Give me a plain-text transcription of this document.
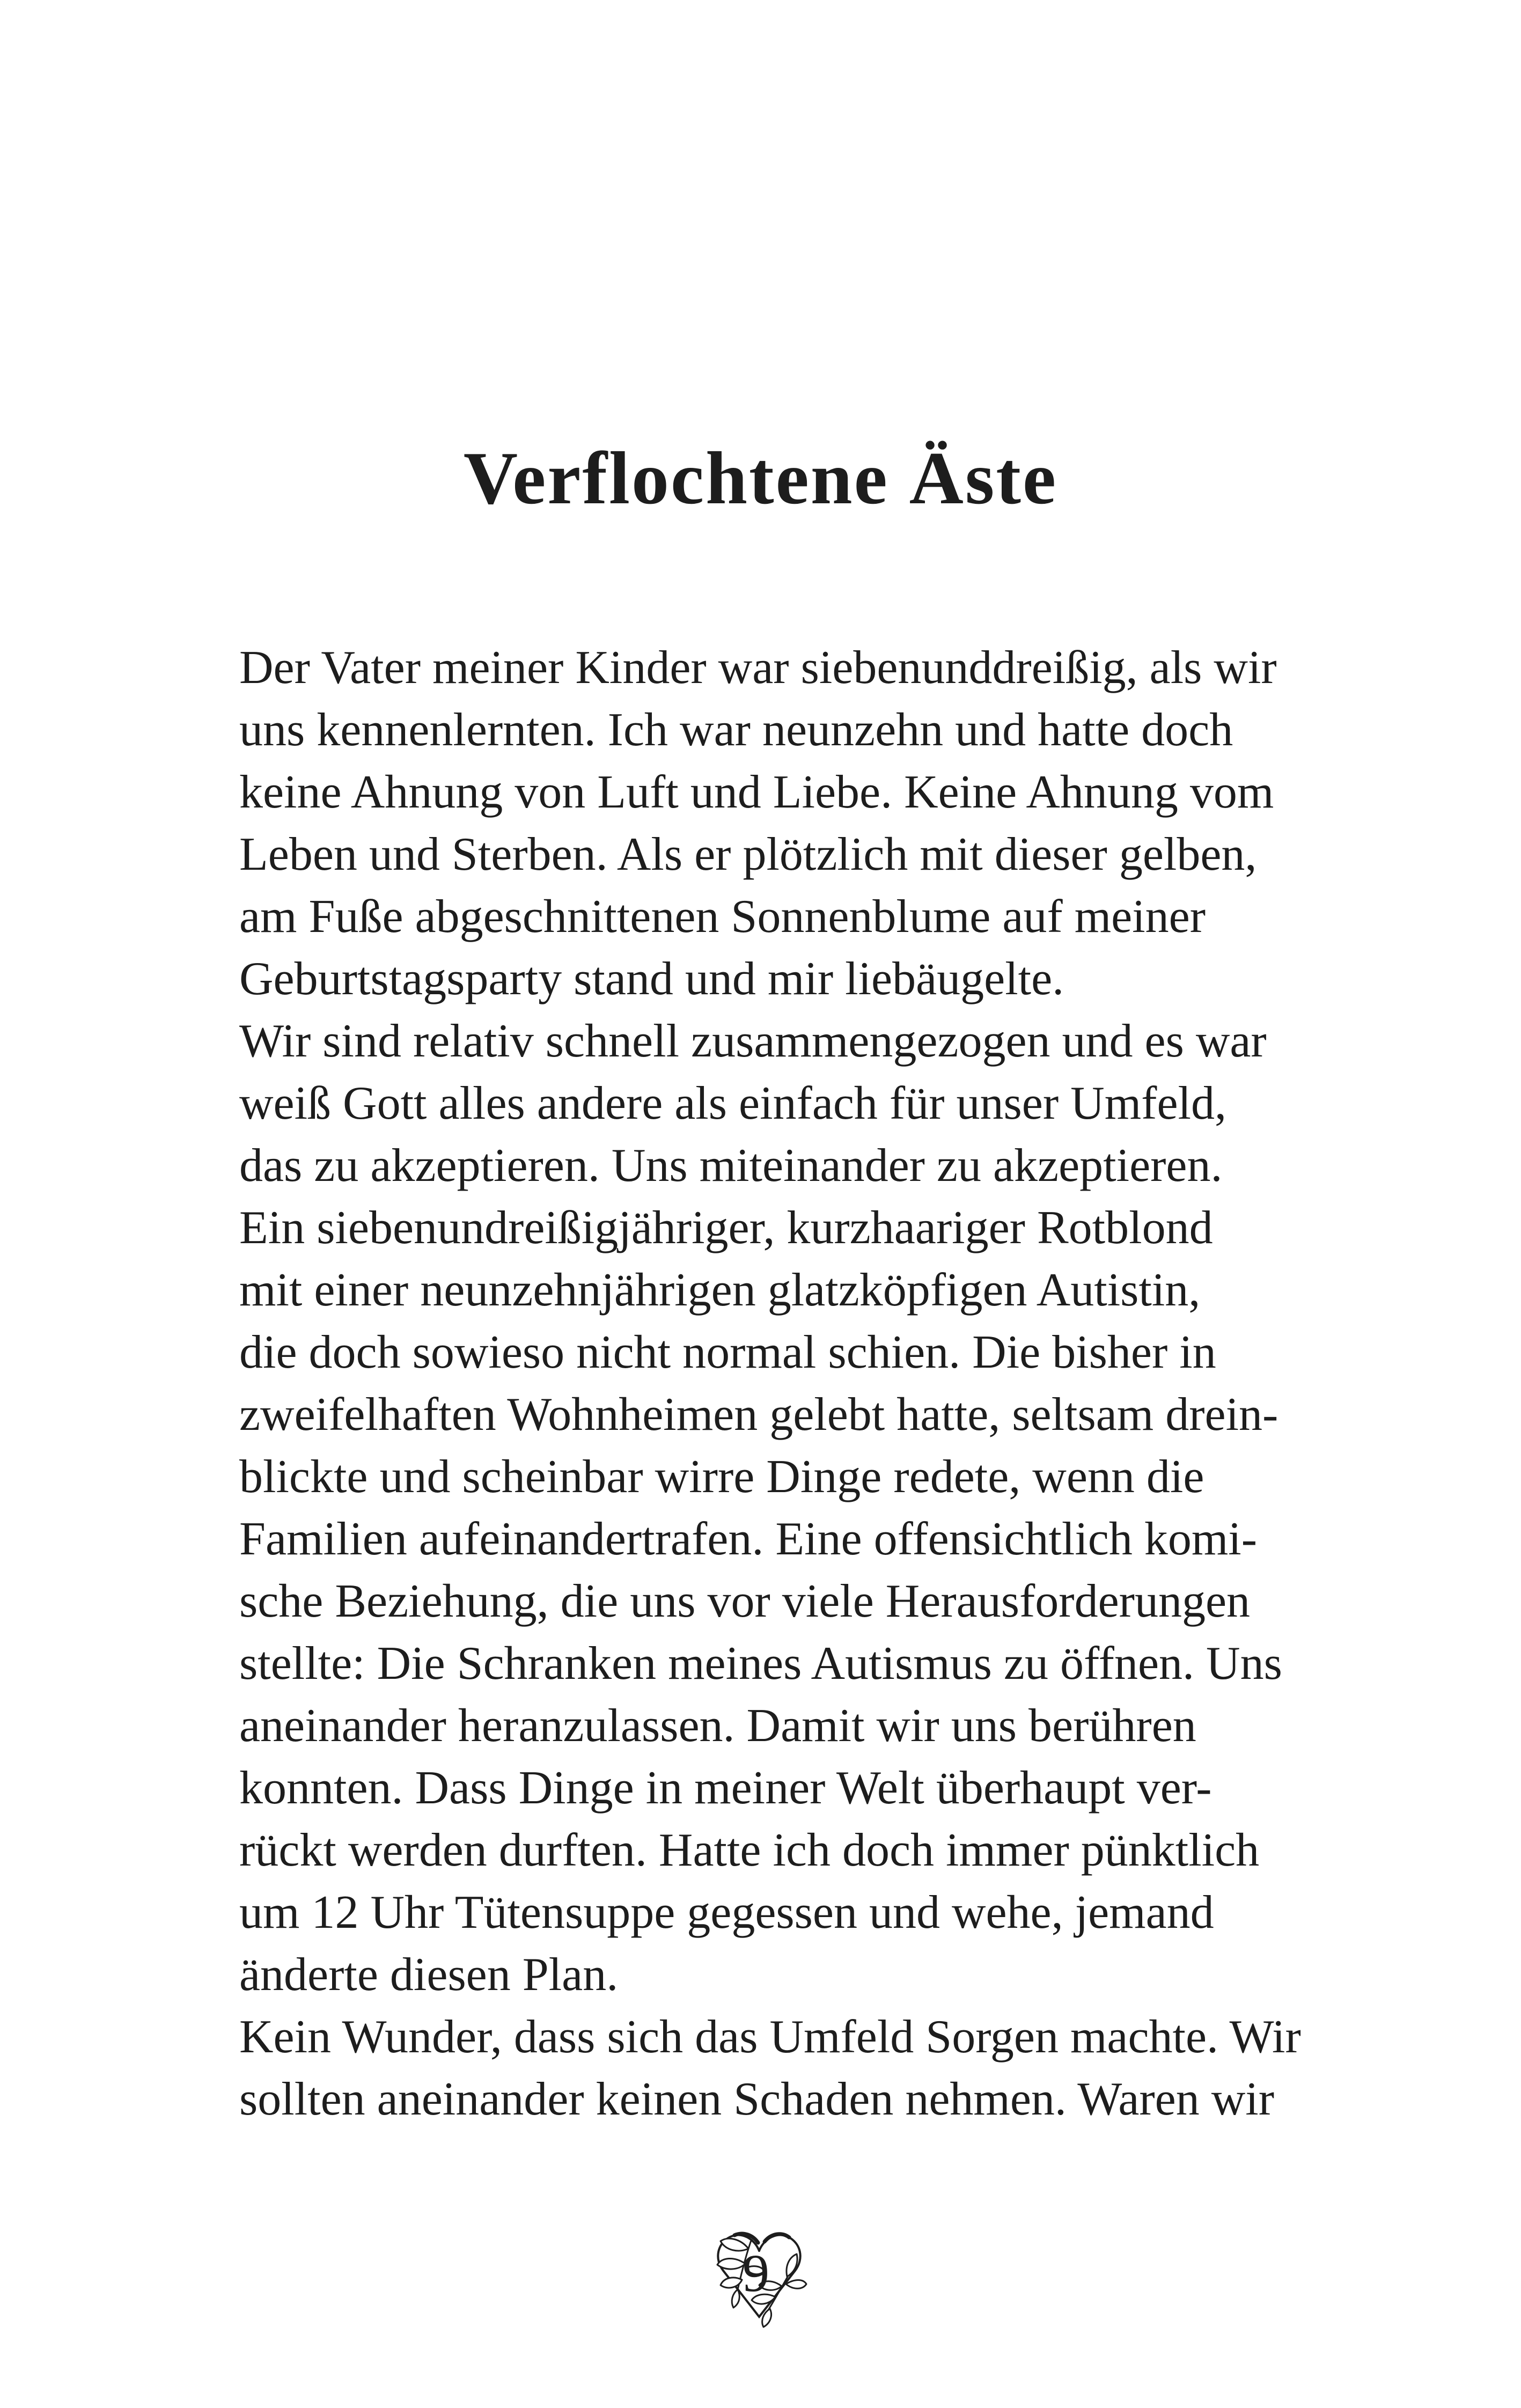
Verflochtene Äste
Der Vater meiner Kinder war siebenunddreißig, als wir
uns kennenlernten. Ich war neunzehn und hatte doch
keine Ahnung von Luft und Liebe. Keine Ahnung vom
Leben und Sterben. Als er plötzlich mit dieser gelben,
am Fuße abgeschnittenen Sonnenblume auf meiner
Geburtstagsparty stand und mir liebäugelte.
Wir sind relativ schnell zusammengezogen und es war
weiß Gott alles andere als einfach für unser Umfeld,
das zu akzeptieren. Uns miteinander zu akzeptieren.
Ein siebenundreißigjähriger, kurzhaariger Rotblond
mit einer neunzehnjährigen glatzköpfigen Autistin,
die doch sowieso nicht normal schien. Die bisher in
zweifelhaften Wohnheimen gelebt hatte, seltsam drein-
blickte und scheinbar wirre Dinge redete, wenn die
Familien aufeinandertrafen. Eine offensichtlich komi-
sche Beziehung, die uns vor viele Herausforderungen
stellte: Die Schranken meines Autismus zu öffnen. Uns
aneinander heranzulassen. Damit wir uns berühren
konnten. Dass Dinge in meiner Welt überhaupt ver-
rückt werden durften. Hatte ich doch immer pünktlich
um 12 Uhr Tütensuppe gegessen und wehe, jemand
änderte diesen Plan.
Kein Wunder, dass sich das Umfeld Sorgen machte. Wir
sollten aneinander keinen Schaden nehmen. Waren wir
9
